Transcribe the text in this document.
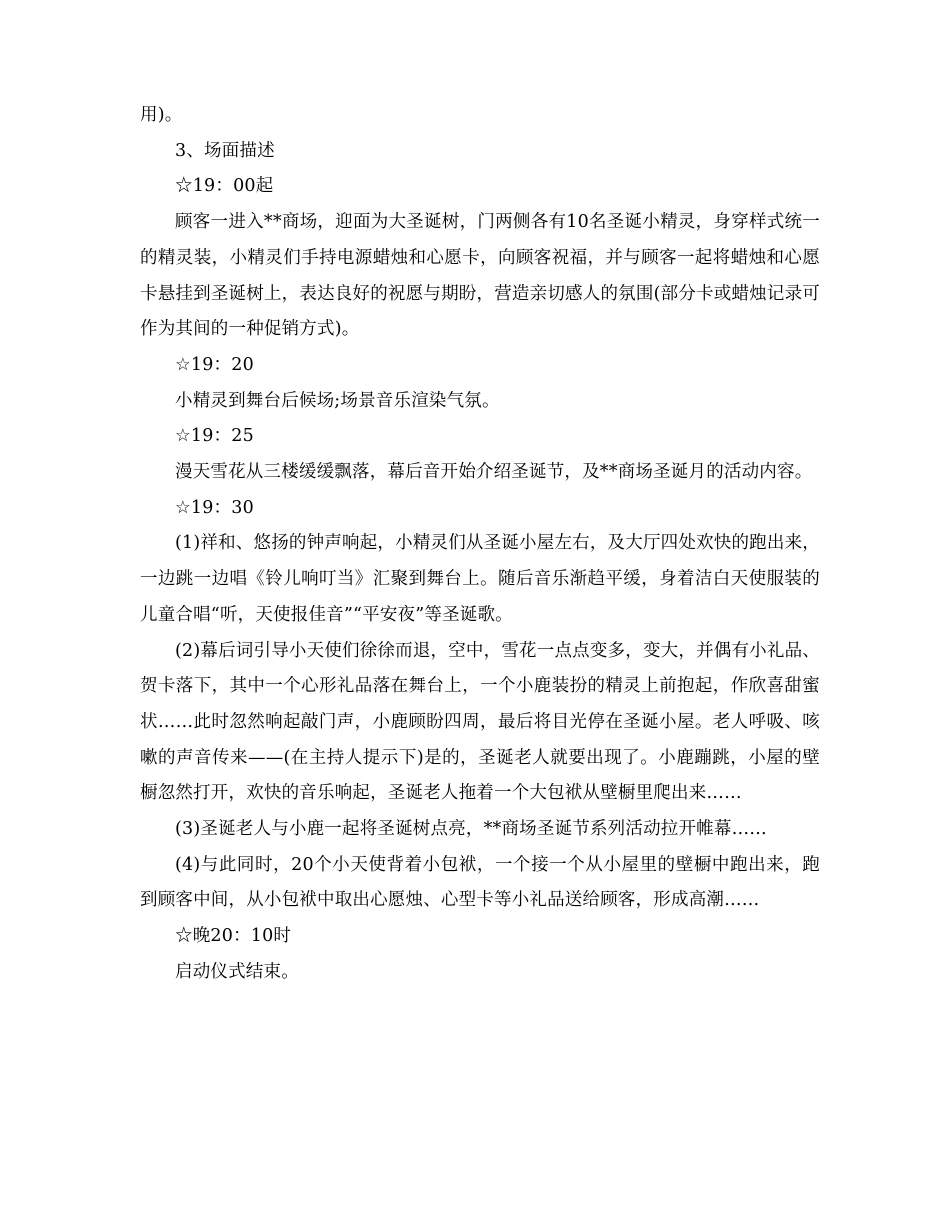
用)。

3、场面描述

☆19：00起

顾客一进入**商场，迎面为大圣诞树，门两侧各有10名圣诞小精灵，身穿样式统一的精灵装，小精灵们手持电源蜡烛和心愿卡，向顾客祝福，并与顾客一起将蜡烛和心愿卡悬挂到圣诞树上，表达良好的祝愿与期盼，营造亲切感人的氛围(部分卡或蜡烛记录可作为其间的一种促销方式)。

☆19：20

小精灵到舞台后候场;场景音乐渲染气氛。

☆19：25

漫天雪花从三楼缓缓飘落，幕后音开始介绍圣诞节，及**商场圣诞月的活动内容。

☆19：30

(1)祥和、悠扬的钟声响起，小精灵们从圣诞小屋左右，及大厅四处欢快的跑出来，一边跳一边唱《铃儿响叮当》汇聚到舞台上。随后音乐渐趋平缓，身着洁白天使服装的儿童合唱“听，天使报佳音”“平安夜”等圣诞歌。

(2)幕后词引导小天使们徐徐而退，空中，雪花一点点变多，变大，并偶有小礼品、贺卡落下，其中一个心形礼品落在舞台上，一个小鹿装扮的精灵上前抱起，作欣喜甜蜜状……此时忽然响起敲门声，小鹿顾盼四周，最后将目光停在圣诞小屋。老人呼吸、咳嗽的声音传来——(在主持人提示下)是的，圣诞老人就要出现了。小鹿蹦跳，小屋的壁橱忽然打开，欢快的音乐响起，圣诞老人拖着一个大包袱从壁橱里爬出来……

(3)圣诞老人与小鹿一起将圣诞树点亮，**商场圣诞节系列活动拉开帷幕……

(4)与此同时，20个小天使背着小包袱，一个接一个从小屋里的壁橱中跑出来，跑到顾客中间，从小包袱中取出心愿烛、心型卡等小礼品送给顾客，形成高潮……

☆晚20：10时

启动仪式结束。
